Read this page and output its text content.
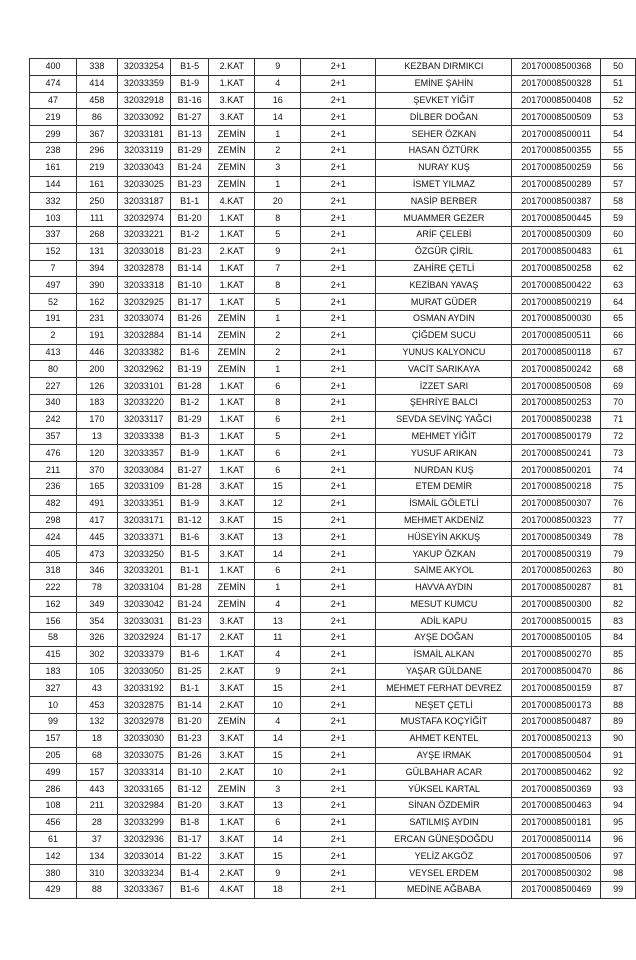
400	338	32033254	B1-5	2.KAT	9	2+1	KEZBAN DIRMIKCI	20170008500368	50
474	414	32033359	B1-9	1.KAT	4	2+1	EMİNE ŞAHİN	20170008500328	51
47	458	32032918	B1-16	3.KAT	16	2+1	ŞEVKET YİĞİT	20170008500408	52
219	86	32033092	B1-27	3.KAT	14	2+1	DİLBER DOĞAN	20170008500509	53
299	367	32033181	B1-13	ZEMİN	1	2+1	SEHER ÖZKAN	20170008500011	54
238	296	32033119	B1-29	ZEMİN	2	2+1	HASAN ÖZTÜRK	20170008500355	55
161	219	32033043	B1-24	ZEMİN	3	2+1	NURAY KUŞ	20170008500259	56
144	161	32033025	B1-23	ZEMİN	1	2+1	İSMET YILMAZ	20170008500289	57
332	250	32033187	B1-1	4.KAT	20	2+1	NASİP BERBER	20170008500387	58
103	111	32032974	B1-20	1.KAT	8	2+1	MUAMMER GEZER	20170008500445	59
337	268	32033221	B1-2	1.KAT	5	2+1	ARİF ÇELEBİ	20170008500309	60
152	131	32033018	B1-23	2.KAT	9	2+1	ÖZGÜR ÇİRİL	20170008500483	61
7	394	32032878	B1-14	1.KAT	7	2+1	ZAHİRE ÇETLİ	20170008500258	62
497	390	32033318	B1-10	1.KAT	8	2+1	KEZİBAN YAVAŞ	20170008500422	63
52	162	32032925	B1-17	1.KAT	5	2+1	MURAT GÜDER	20170008500219	64
191	231	32033074	B1-26	ZEMİN	1	2+1	OSMAN AYDIN	20170008500030	65
2	191	32032884	B1-14	ZEMİN	2	2+1	ÇİĞDEM SUCU	20170008500511	66
413	446	32033382	B1-6	ZEMİN	2	2+1	YUNUS KALYONCU	20170008500118	67
80	200	32032962	B1-19	ZEMİN	1	2+1	VACİT SARIKAYA	20170008500242	68
227	126	32033101	B1-28	1.KAT	6	2+1	İZZET SARI	20170008500508	69
340	183	32033220	B1-2	1.KAT	8	2+1	ŞEHRİYE BALCI	20170008500253	70
242	170	32033117	B1-29	1.KAT	6	2+1	SEVDA SEVİNÇ YAĞCI	20170008500238	71
357	13	32033338	B1-3	1.KAT	5	2+1	MEHMET YİĞİT	20170008500179	72
476	120	32033357	B1-9	1.KAT	6	2+1	YUSUF ARIKAN	20170008500241	73
211	370	32033084	B1-27	1.KAT	6	2+1	NURDAN KUŞ	20170008500201	74
236	165	32033109	B1-28	3.KAT	15	2+1	ETEM DEMİR	20170008500218	75
482	491	32033351	B1-9	3.KAT	12	2+1	İSMAİL GÖLETLİ	20170008500307	76
298	417	32033171	B1-12	3.KAT	15	2+1	MEHMET AKDENİZ	20170008500323	77
424	445	32033371	B1-6	3.KAT	13	2+1	HÜSEYİN AKKUŞ	20170008500349	78
405	473	32033250	B1-5	3.KAT	14	2+1	YAKUP ÖZKAN	20170008500319	79
318	346	32033201	B1-1	1.KAT	6	2+1	SAİME AKYOL	20170008500263	80
222	78	32033104	B1-28	ZEMİN	1	2+1	HAVVA AYDIN	20170008500287	81
162	349	32033042	B1-24	ZEMİN	4	2+1	MESUT KUMCU	20170008500300	82
156	354	32033031	B1-23	3.KAT	13	2+1	ADİL KAPU	20170008500015	83
58	326	32032924	B1-17	2.KAT	11	2+1	AYŞE DOĞAN	20170008500105	84
415	302	32033379	B1-6	1.KAT	4	2+1	İSMAİL ALKAN	20170008500270	85
183	105	32033050	B1-25	2.KAT	9	2+1	YAŞAR GÜLDANE	20170008500470	86
327	43	32033192	B1-1	3.KAT	15	2+1	MEHMET FERHAT DEVREZ	20170008500159	87
10	453	32032875	B1-14	2.KAT	10	2+1	NEŞET ÇETLİ	20170008500173	88
99	132	32032978	B1-20	ZEMİN	4	2+1	MUSTAFA KOÇYİĞİT	20170008500487	89
157	18	32033030	B1-23	3.KAT	14	2+1	AHMET KENTEL	20170008500213	90
205	68	32033075	B1-26	3.KAT	15	2+1	AYŞE IRMAK	20170008500504	91
499	157	32033314	B1-10	2.KAT	10	2+1	GÜLBAHAR ACAR	20170008500462	92
286	443	32033165	B1-12	ZEMİN	3	2+1	YÜKSEL KARTAL	20170008500369	93
108	211	32032984	B1-20	3.KAT	13	2+1	SİNAN ÖZDEMİR	20170008500463	94
456	28	32033299	B1-8	1.KAT	6	2+1	SATILMIŞ AYDIN	20170008500181	95
61	37	32032936	B1-17	3.KAT	14	2+1	ERCAN GÜNEŞDOĞDU	20170008500114	96
142	134	32033014	B1-22	3.KAT	15	2+1	YELİZ AKGÖZ	20170008500506	97
380	310	32033234	B1-4	2.KAT	9	2+1	VEYSEL ERDEM	20170008500302	98
429	88	32033367	B1-6	4.KAT	18	2+1	MEDİNE AĞBABA	20170008500469	99
